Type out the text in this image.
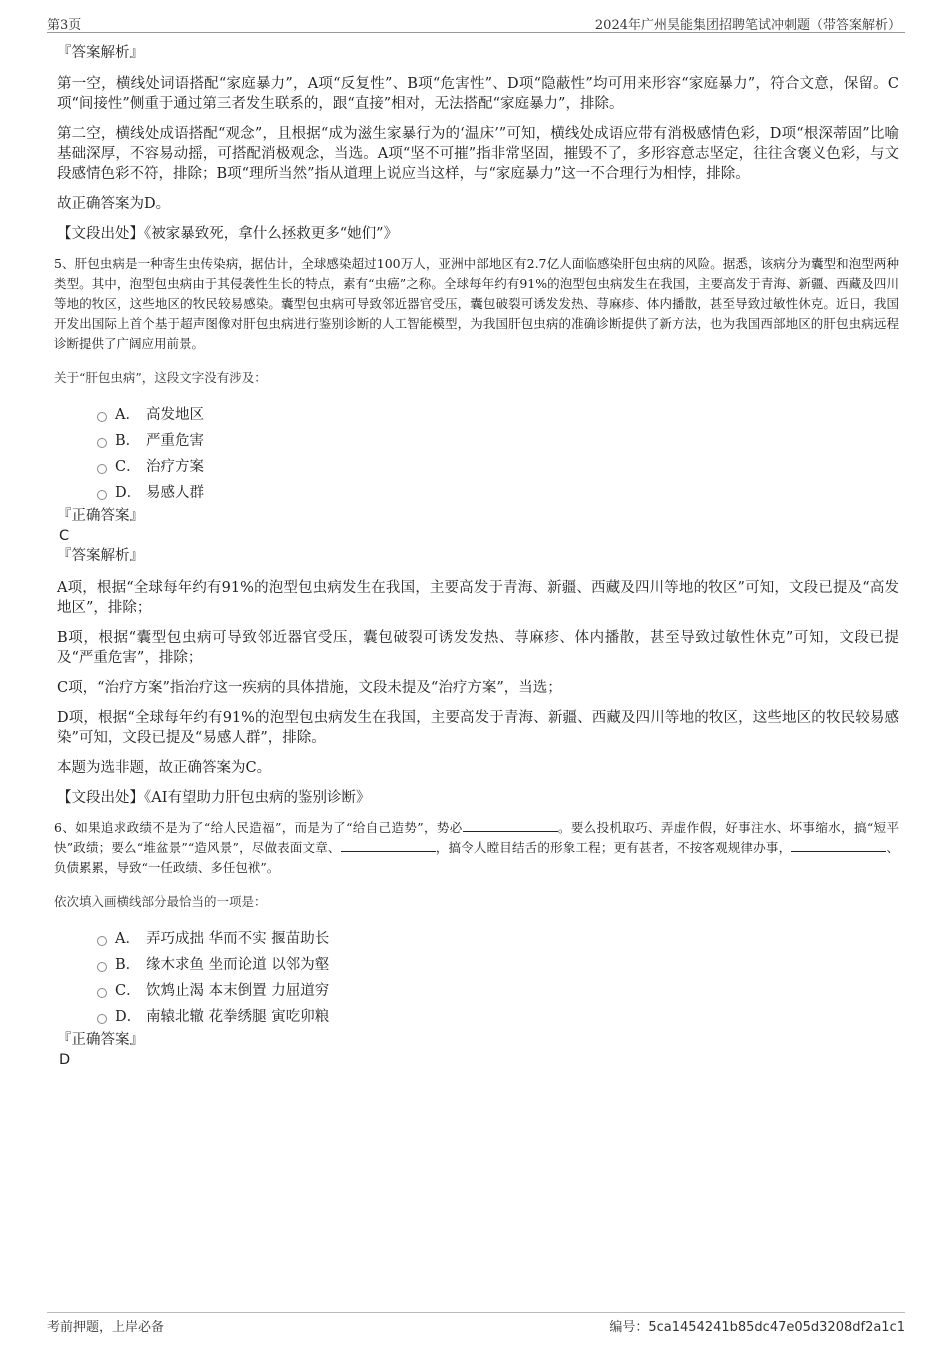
第3页	2024年广州昊能集团招聘笔试冲刺题（带答案解析）

『答案解析』

第一空，横线处词语搭配“家庭暴力”，A项“反复性”、B项“危害性”、D项“隐蔽性”均可用来形容“家庭暴力”，符合文意，保留。C项“间接性”侧重于通过第三者发生联系的，跟“直接”相对，无法搭配“家庭暴力”，排除。

第二空，横线处成语搭配“观念”，且根据“成为滋生家暴行为的‘温床’”可知，横线处成语应带有消极感情色彩，D项“根深蒂固”比喻基础深厚，不容易动摇，可搭配消极观念，当选。A项“坚不可摧”指非常坚固，摧毁不了，多形容意志坚定，往往含褒义色彩，与文段感情色彩不符，排除；B项“理所当然”指从道理上说应当这样，与“家庭暴力”这一不合理行为相悖，排除。

故正确答案为D。

【文段出处】《被家暴致死，拿什么拯救更多“她们”》

5、肝包虫病是一种寄生虫传染病，据估计，全球感染超过100万人，亚洲中部地区有2.7亿人面临感染肝包虫病的风险。据悉，该病分为囊型和泡型两种类型。其中，泡型包虫病由于其侵袭性生长的特点，素有“虫癌”之称。全球每年约有91%的泡型包虫病发生在我国，主要高发于青海、新疆、西藏及四川等地的牧区，这些地区的牧民较易感染。囊型包虫病可导致邻近器官受压，囊包破裂可诱发发热、荨麻疹、体内播散，甚至导致过敏性休克。近日，我国开发出国际上首个基于超声图像对肝包虫病进行鉴别诊断的人工智能模型，为我国肝包虫病的准确诊断提供了新方法，也为我国西部地区的肝包虫病远程诊断提供了广阔应用前景。

关于“肝包虫病”，这段文字没有涉及：

A． 高发地区
B． 严重危害
C． 治疗方案
D． 易感人群

『正确答案』

C

『答案解析』

A项，根据“全球每年约有91%的泡型包虫病发生在我国，主要高发于青海、新疆、西藏及四川等地的牧区”可知，文段已提及“高发地区”，排除；

B项，根据“囊型包虫病可导致邻近器官受压，囊包破裂可诱发发热、荨麻疹、体内播散，甚至导致过敏性休克”可知，文段已提及“严重危害”，排除；

C项，“治疗方案”指治疗这一疾病的具体措施，文段未提及“治疗方案”，当选；

D项，根据“全球每年约有91%的泡型包虫病发生在我国，主要高发于青海、新疆、西藏及四川等地的牧区，这些地区的牧民较易感染”可知，文段已提及“易感人群”，排除。

本题为选非题，故正确答案为C。

【文段出处】《AI有望助力肝包虫病的鉴别诊断》

6、如果追求政绩不是为了“给人民造福”，而是为了“给自己造势”，势必	。要么投机取巧、弄虚作假，好事注水、坏事缩水，搞“短平快”政绩；要么“堆盆景”“造风景”，尽做表面文章、	，搞令人瞠目结舌的形象工程；更有甚者，不按客观规律办事，	、负债累累，导致“一任政绩、多任包袱”。

依次填入画横线部分最恰当的一项是：

A． 弄巧成拙 华而不实 揠苗助长
B． 缘木求鱼 坐而论道 以邻为壑
C． 饮鸩止渴 本末倒置 力屈道穷
D． 南辕北辙 花拳绣腿 寅吃卯粮

『正确答案』

D

考前押题，上岸必备	编号：5ca1454241b85dc47e05d3208df2a1c1
